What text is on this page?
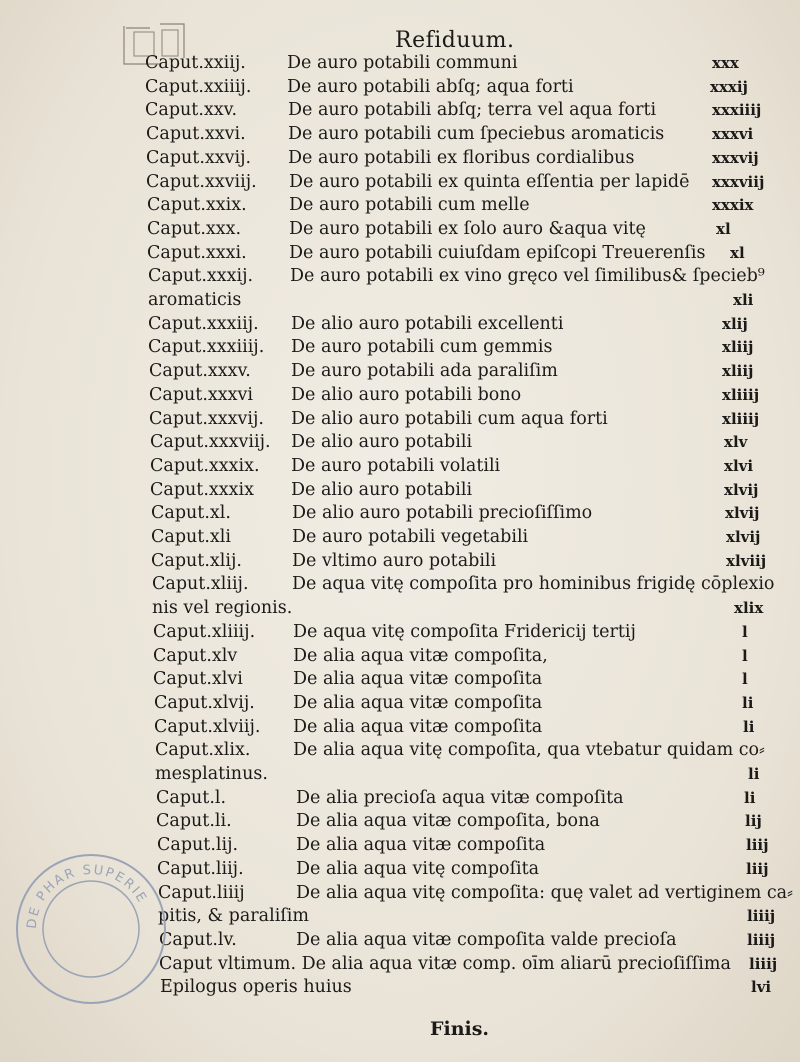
Refiduum.
Caput.xxiij. De auro potabili communi	xxx
Caput.xxiiij. De auro potabili abſq; aqua forti	xxxij
Caput.xxv.	De auro potabili abſq; terra vel aqua forti	xxxiiij
Caput.xxvi. De auro potabili cum ſpeciebus aromaticis	xxxvi
Caput.xxvij. De auro potabili ex floribus cordialibus	xxxvij
Caput.xxviij. De auro potabili ex quinta eſſentia per lapidē xxxviij
Caput.xxix. De auro potabili cum melle	xxxix
Caput.xxx.	De auro potabili ex ſolo auro &aqua vitę	xl
Caput.xxxi. De auro potabili cuiuſdam epiſcopi Treuerenſis xl
Caput.xxxij. De auro potabili ex vino gręco vel ſimilibus& ſpecieb⁹
aromaticis	xli
Caput.xxxiij. De alio auro potabili excellenti	xlij
Caput.xxxiiij. De auro potabili cum gemmis	xliij
Caput.xxxv. De auro potabili ada paraliſim	xliij
Caput.xxxvi De alio auro potabili bono	xliiij
Caput.xxxvij. De alio auro potabili cum aqua forti	xliiij
Caput.xxxviij. De alio auro potabili	xlv
Caput.xxxix. De auro potabili volatili	xlvi
Caput.xxxix De alio auro potabili	xlvij
Caput.xl.	De alio auro potabili precioſiſſimo	xlvij
Caput.xli	De auro potabili vegetabili	xlvij
Caput.xlij.	De vltimo auro potabili	xlviij
Caput.xliij. De aqua vitę compoſita pro hominibus frigidę cōplexio
nis vel regionis.	xlix
Caput.xliiij. De aqua vitę compoſita Fridericij tertij	l
Caput.xlv	De alia aqua vitæ compoſita,	l
Caput.xlvi	De alia aqua vitæ compoſita	l
Caput.xlvij. De alia aqua vitæ compoſita	li
Caput.xlviij. De alia aqua vitæ compoſita	li
Caput.xlix. De alia aqua vitę compoſita, qua vtebatur quidam co⸗
mesplatinus.	li
Caput.l.	De alia precioſa aqua vitæ compoſita	li
Caput.li.	De alia aqua vitæ compoſita, bona	lij
Caput.lij.	De alia aqua vitæ compoſita	liij
Caput.liij.	De alia aqua vitę compoſita	liij
Caput.liiij	De alia aqua vitę compoſita: quę valet ad vertiginem ca⸗
pitis, & paraliſim	liiij
Caput.lv.	De alia aqua vitæ compoſita valde precioſa	liiij
Caput vltimum. De alia aqua vitæ comp. oīm aliarū precioſiſſima liiij
Epilogus operis huius	lvi
DE PHAR SUPERIE
Finis.
